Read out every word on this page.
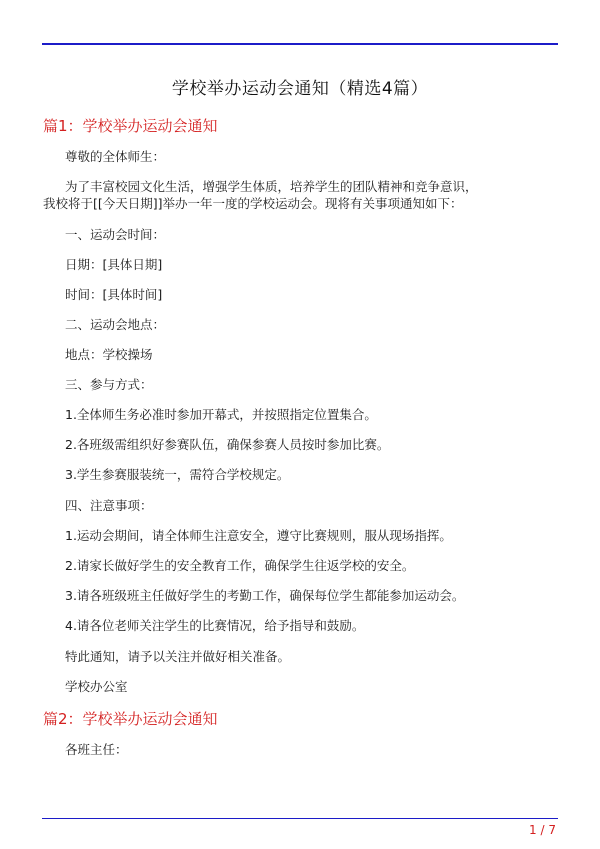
学校举办运动会通知（精选4篇）
篇1：学校举办运动会通知
尊敬的全体师生：
为了丰富校园文化生活，增强学生体质，培养学生的团队精神和竞争意识，
我校将于[[今天日期]]举办一年一度的学校运动会。现将有关事项通知如下：
一、运动会时间：
日期：[具体日期]
时间：[具体时间]
二、运动会地点：
地点：学校操场
三、参与方式：
1.全体师生务必准时参加开幕式，并按照指定位置集合。
2.各班级需组织好参赛队伍，确保参赛人员按时参加比赛。
3.学生参赛服装统一，需符合学校规定。
四、注意事项：
1.运动会期间，请全体师生注意安全，遵守比赛规则，服从现场指挥。
2.请家长做好学生的安全教育工作，确保学生往返学校的安全。
3.请各班级班主任做好学生的考勤工作，确保每位学生都能参加运动会。
4.请各位老师关注学生的比赛情况，给予指导和鼓励。
特此通知，请予以关注并做好相关准备。
学校办公室
篇2：学校举办运动会通知
各班主任：
1 / 7
